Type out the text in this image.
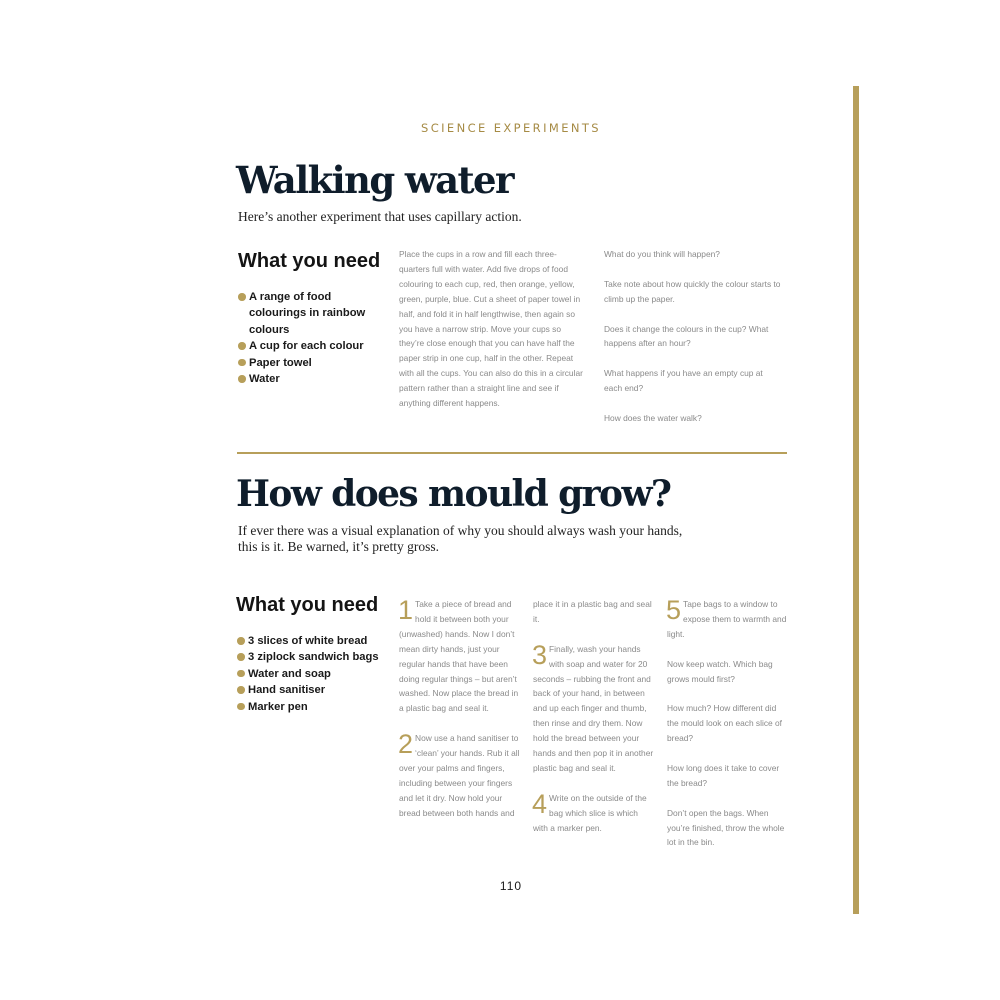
SCIENCE EXPERIMENTS
Walking water
Here’s another experiment that uses capillary action.
What you need
A range of food colourings in rainbow colours
A cup for each colour
Paper towel
Water

Place the cups in a row and fill each three-quarters full with water. Add five drops of food colouring to each cup, red, then orange, yellow, green, purple, blue. Cut a sheet of paper towel in half, and fold it in half lengthwise, then again so you have a narrow strip. Move your cups so they’re close enough that you can have half the paper strip in one cup, half in the other. Repeat with all the cups. You can also do this in a circular pattern rather than a straight line and see if anything different happens.

What do you think will happen?

Take note about how quickly the colour starts to climb up the paper.

Does it change the colours in the cup? What happens after an hour?

What happens if you have an empty cup at each end?

How does the water walk?

How does mould grow?
If ever there was a visual explanation of why you should always wash your hands,
this is it. Be warned, it’s pretty gross.
What you need
3 slices of white bread
3 ziplock sandwich bags
Water and soap
Hand sanitiser
Marker pen
1 Take a piece of bread and hold it between both your (unwashed) hands. Now I don’t mean dirty hands, just your regular hands that have been doing regular things – but aren’t washed. Now place the bread in a plastic bag and seal it.

2 Now use a hand sanitiser to ‘clean’ your hands. Rub it all over your palms and fingers, including between your fingers and let it dry. Now hold your bread between both hands and

place it in a plastic bag and seal it.

3 Finally, wash your hands with soap and water for 20 seconds – rubbing the front and back of your hand, in between and up each finger and thumb, then rinse and dry them. Now hold the bread between your hands and then pop it in another plastic bag and seal it.

4 Write on the outside of the bag which slice is which with a marker pen.

5 Tape bags to a window to expose them to warmth and light.

Now keep watch. Which bag grows mould first?

How much? How different did the mould look on each slice of bread?

How long does it take to cover the bread?

Don’t open the bags. When you’re finished, throw the whole lot in the bin.

110
